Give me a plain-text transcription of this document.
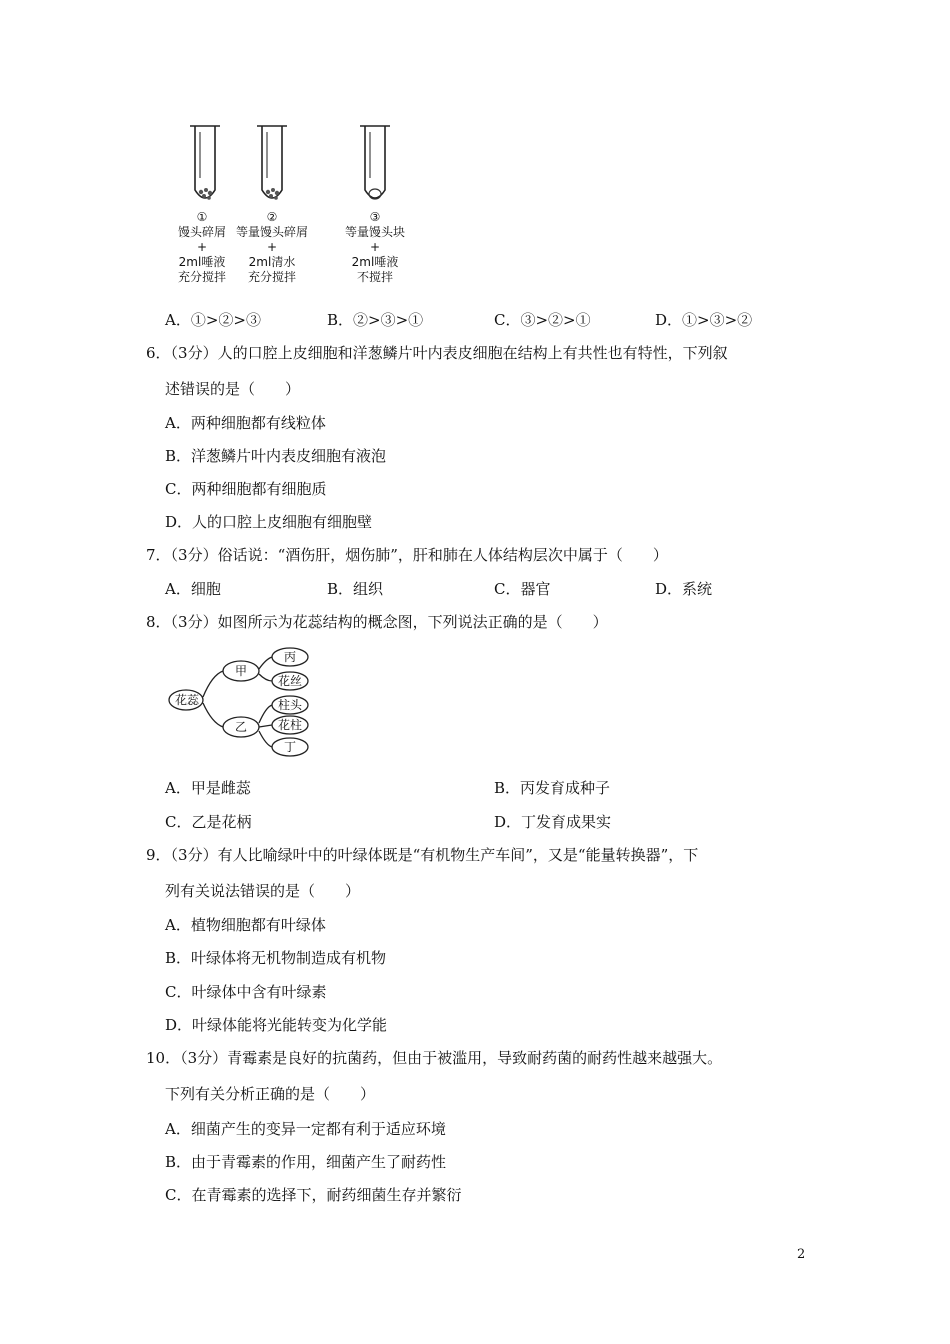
①
馒头碎屑
+
2ml唾液
充分搅拌
②
等量馒头碎屑
+
2ml清水
充分搅拌
③
等量馒头块
+
2ml唾液
不搅拌
A．①>②>③	B．②>③>①	C．③>②>①	D．①>③>②
6．（3分）人的口腔上皮细胞和洋葱鳞片叶内表皮细胞在结构上有共性也有特性，下列叙
述错误的是（　　）
A．两种细胞都有线粒体
B．洋葱鳞片叶内表皮细胞有液泡
C．两种细胞都有细胞质
D．人的口腔上皮细胞有细胞壁
7．（3分）俗话说：“酒伤肝，烟伤肺”，肝和肺在人体结构层次中属于（　　）
A．细胞	B．组织	C．器官	D．系统
8．（3分）如图所示为花蕊结构的概念图，下列说法正确的是（　　）
花蕊
甲
乙
丙
花丝
柱头
花柱
丁
A．甲是雌蕊	B．丙发育成种子
C．乙是花柄	D．丁发育成果实
9．（3分）有人比喻绿叶中的叶绿体既是“有机物生产车间”，又是“能量转换器”，下
列有关说法错误的是（　　）
A．植物细胞都有叶绿体
B．叶绿体将无机物制造成有机物
C．叶绿体中含有叶绿素
D．叶绿体能将光能转变为化学能
10．（3分）青霉素是良好的抗菌药，但由于被滥用，导致耐药菌的耐药性越来越强大。
下列有关分析正确的是（　　）
A．细菌产生的变异一定都有利于适应环境
B．由于青霉素的作用，细菌产生了耐药性
C．在青霉素的选择下，耐药细菌生存并繁衍
2
